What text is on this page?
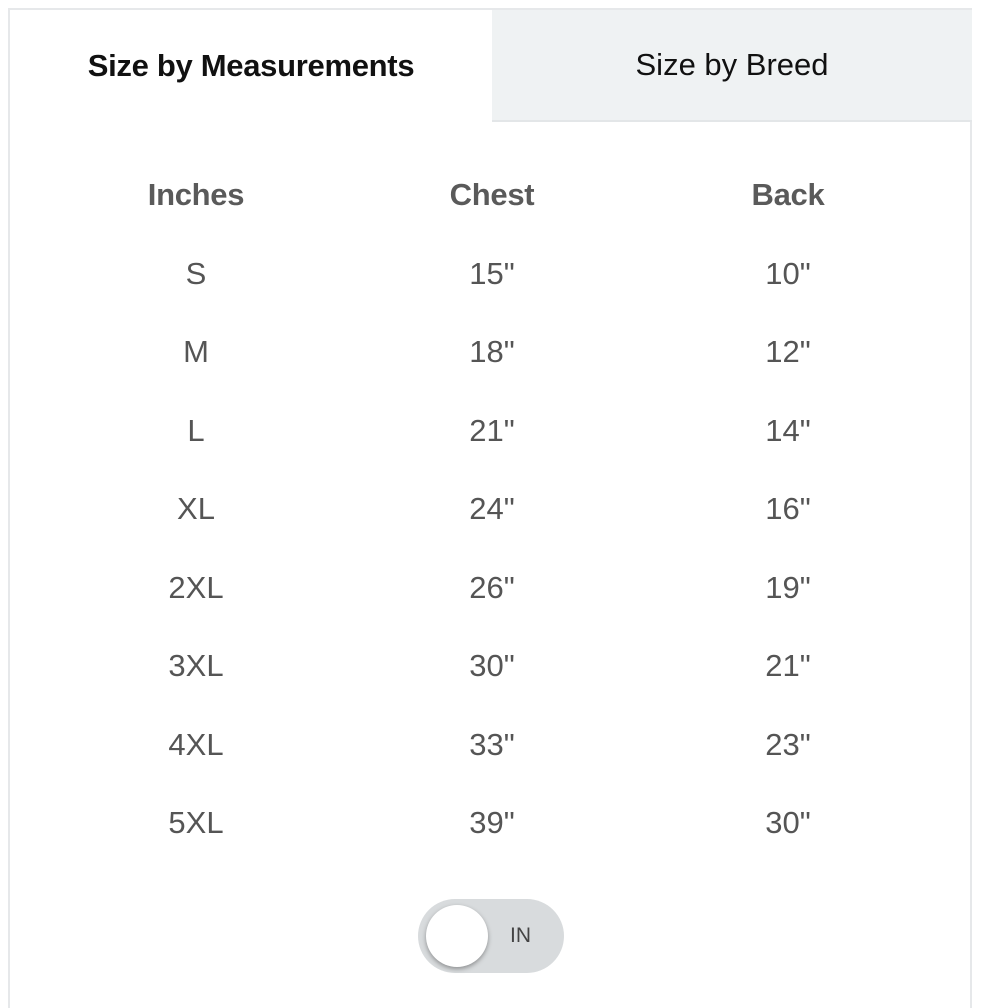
Size by Measurements	Size by Breed
Inches	Chest	Back
S	15"	10"
M	18"	12"
L	21"	14"
XL	24"	16"
2XL	26"	19"
3XL	30"	21"
4XL	33"	23"
5XL	39"	30"
IN
